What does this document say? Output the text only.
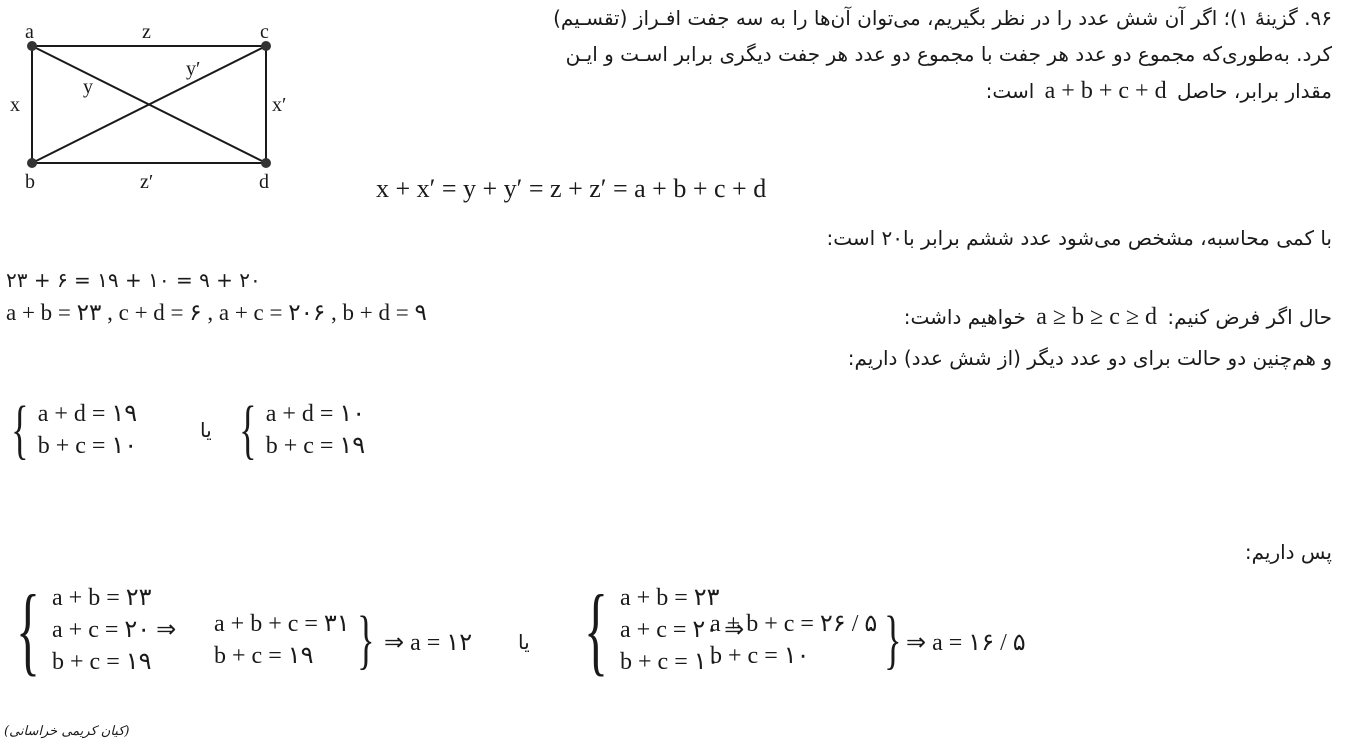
a	c
b	d
z
z′
x	x′
y
y′
۹۶. گزینهٔ ۱)؛ اگر آن شش عدد را در نظر بگیریم، می‌توان آن‌ها را به سه جفت افـراز (تقسـیم)
کرد. به‌طوری‌که مجموع دو عدد هر جفت با مجموع دو عدد هر جفت دیگری برابر اسـت و ایـن
مقدار برابر، حاصل a + b + c + d است:
x + x′ = y + y′ = z + z′ = a + b + c + d
با کمی محاسبه، مشخص می‌شود عدد ششم برابر با۲۰ است:
۲۳ + ۶ = ۱۹ + ۱۰ = ۹ + ۲۰
a + b = ۲۳ , c + d = ۶ , a + c = ۲۰۶ , b + d = ۹	حال اگر فرض کنیم: a ≥ b ≥ c ≥ d خواهیم داشت:
و هم‌چنین دو حالت برای دو عدد دیگر (از شش عدد) داریم:
{ a + d = ۱۹
b + c = ۱۰
یا { a + d = ۱۰
b + c = ۱۹
پس داریم:
{ a + b = ۲۳
a + c = ۲۰ ⇒
b + c = ۱۹
a + b + c = ۳۱
b + c = ۱۹ } ⇒ a = ۱۲ یا { a + b = ۲۳
a + c = ۲۰ ⇒
b + c = ۱۰
a + b + c = ۲۶ / ۵
b + c = ۱۰	} ⇒ a = ۱۶ / ۵
(کیان کریمی خراسانی)
